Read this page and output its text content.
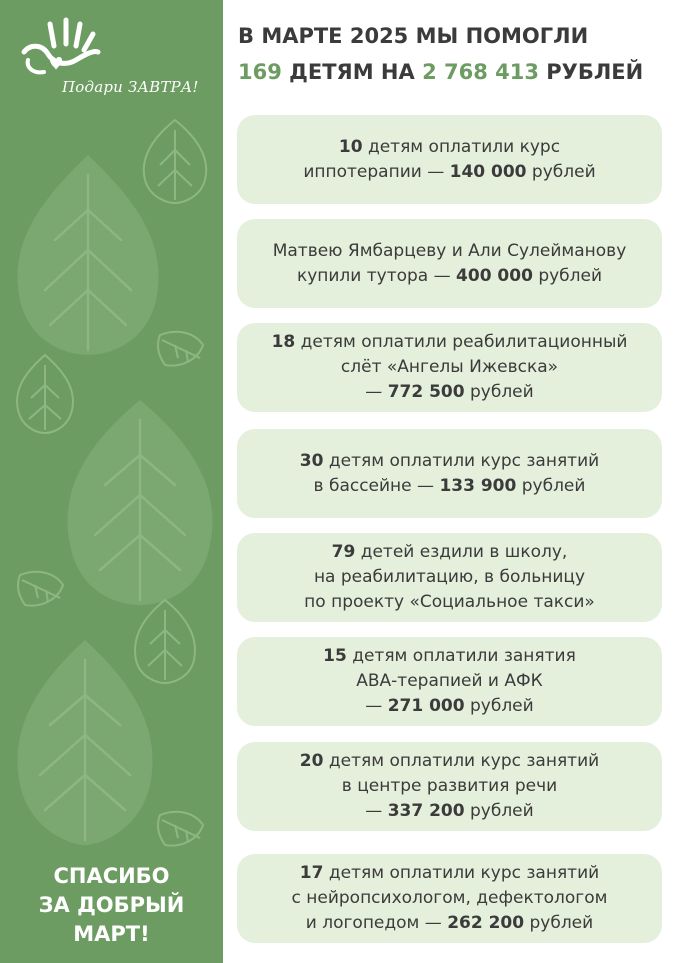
Подари ЗАВТРА!
СПАСИБО
ЗА ДОБРЫЙ
МАРТ!
В МАРТЕ 2025 МЫ ПОМОГЛИ
169 ДЕТЯМ НА 2 768 413 РУБЛЕЙ
10 детям оплатили курс
иппотерапии — 140 000 рублей
Матвею Ямбарцеву и Али Сулейманову
купили тутора — 400 000 рублей
18 детям оплатили реабилитационный
слёт «Ангелы Ижевска»
— 772 500 рублей
30 детям оплатили курс занятий
в бассейне — 133 900 рублей
79 детей ездили в школу,
на реабилитацию, в больницу
по проекту «Социальное такси»
15 детям оплатили занятия
АВА-терапией и АФК
— 271 000 рублей
20 детям оплатили курс занятий
в центре развития речи
— 337 200 рублей
17 детям оплатили курс занятий
с нейропсихологом, дефектологом
и логопедом — 262 200 рублей
